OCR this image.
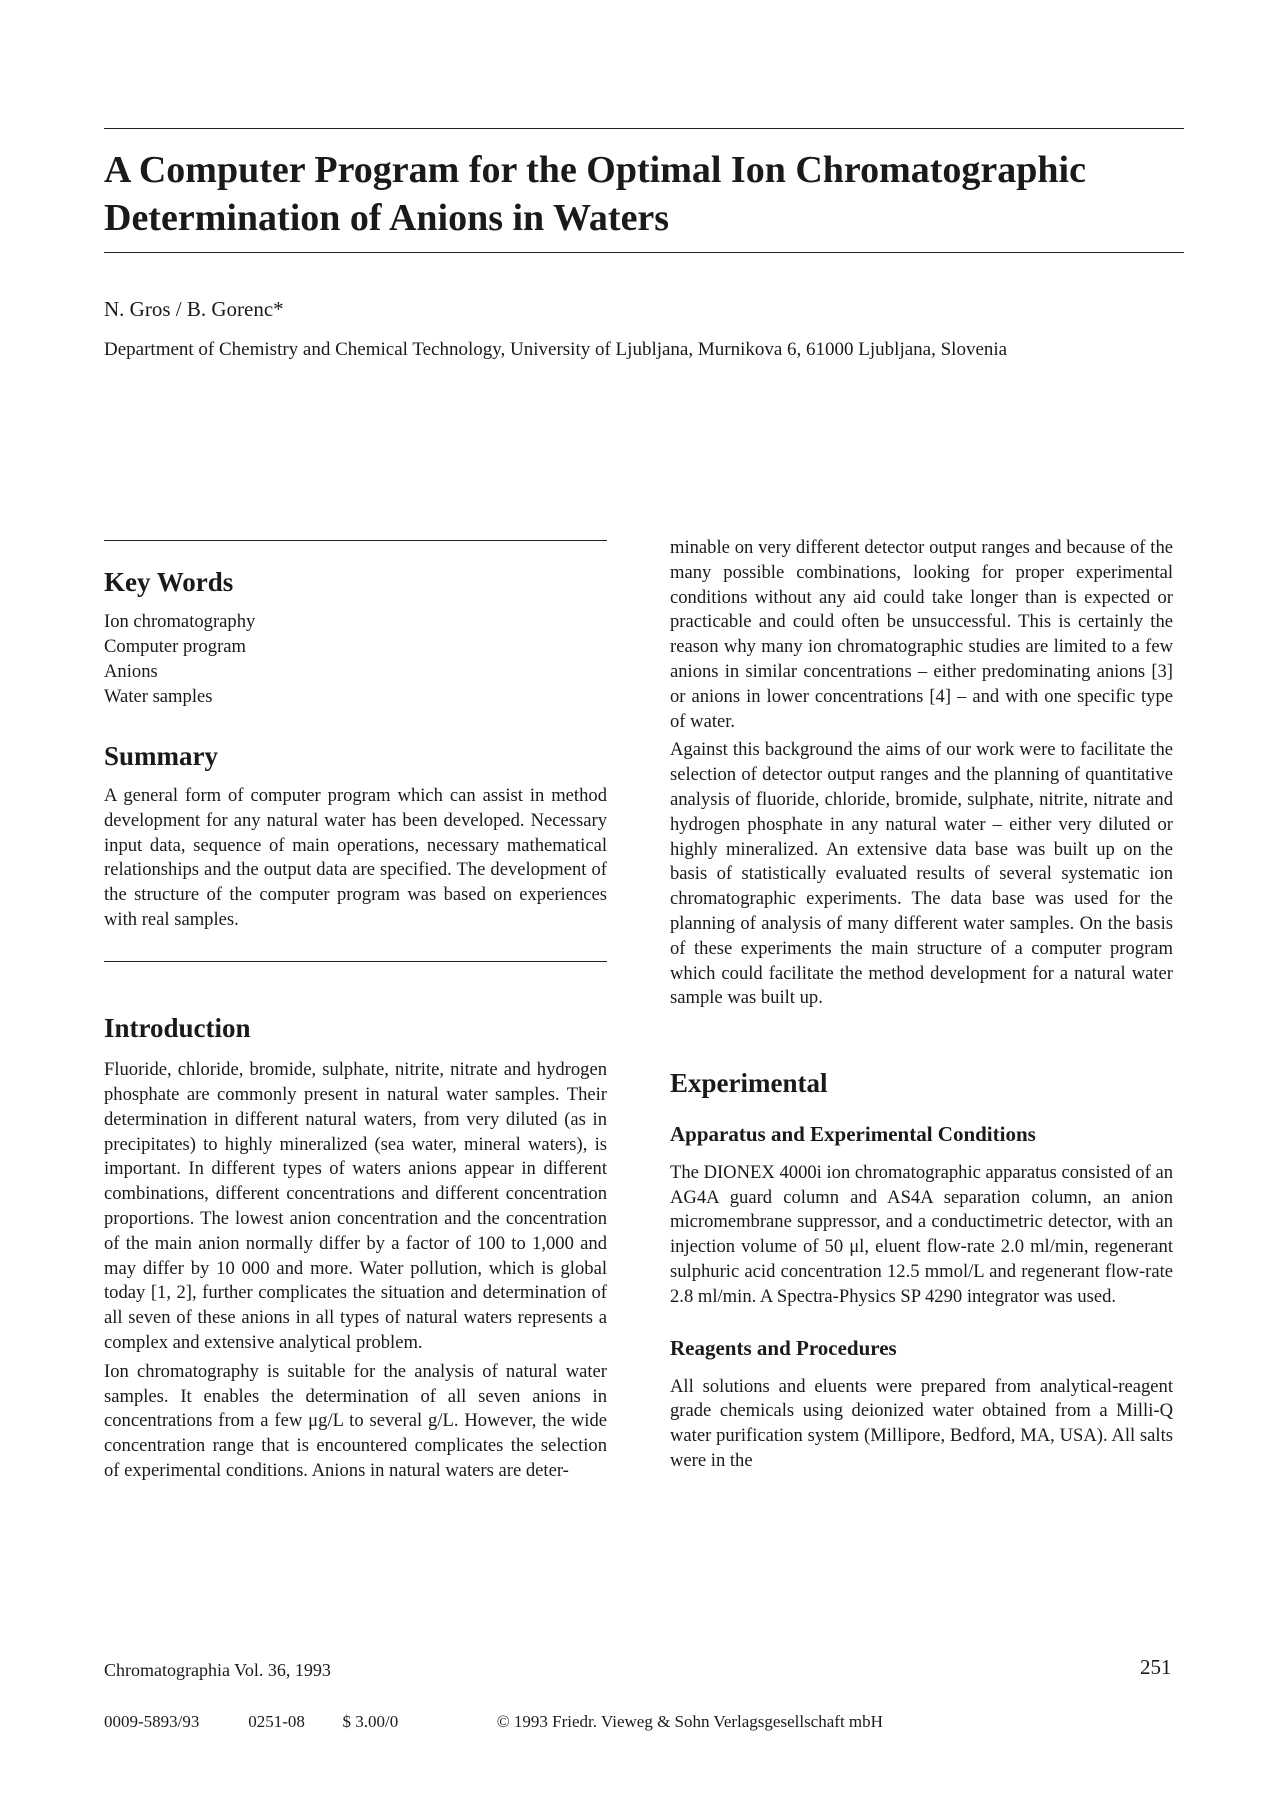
A Computer Program for the Optimal Ion Chromatographic Determination of Anions in Waters

N. Gros / B. Gorenc*

Department of Chemistry and Chemical Technology, University of Ljubljana, Murnikova 6, 61000 Ljubljana, Slovenia

Key Words
Ion chromatography
Computer program
Anions
Water samples
Summary

A general form of computer program which can assist in method development for any natural water has been developed. Necessary input data, sequence of main operations, necessary mathematical relationships and the output data are specified. The development of the structure of the computer program was based on experiences with real samples.

Introduction

Fluoride, chloride, bromide, sulphate, nitrite, nitrate and hydrogen phosphate are commonly present in natural water samples. Their determination in different natural waters, from very diluted (as in precipitates) to highly mineralized (sea water, mineral waters), is important. In different types of waters anions appear in different combinations, different concentrations and different concentration proportions. The lowest anion concentration and the concentration of the main anion normally differ by a factor of 100 to 1,000 and may differ by 10 000 and more. Water pollution, which is global today [1, 2], further complicates the situation and determination of all seven of these anions in all types of natural waters represents a complex and extensive analytical problem.

Ion chromatography is suitable for the analysis of natural water samples. It enables the determination of all seven anions in concentrations from a few μg/L to several g/L. However, the wide concentration range that is encountered complicates the selection of experimental conditions. Anions in natural waters are deter-

minable on very different detector output ranges and because of the many possible combinations, looking for proper experimental conditions without any aid could take longer than is expected or practicable and could often be unsuccessful. This is certainly the reason why many ion chromatographic studies are limited to a few anions in similar concentrations – either predominating anions [3] or anions in lower concentrations [4] – and with one specific type of water.

Against this background the aims of our work were to facilitate the selection of detector output ranges and the planning of quantitative analysis of fluoride, chloride, bromide, sulphate, nitrite, nitrate and hydrogen phosphate in any natural water – either very diluted or highly mineralized. An extensive data base was built up on the basis of statistically evaluated results of several systematic ion chromatographic experiments. The data base was used for the planning of analysis of many different water samples. On the basis of these experiments the main structure of a computer program which could facilitate the method development for a natural water sample was built up.

Experimental
Apparatus and Experimental Conditions

The DIONEX 4000i ion chromatographic apparatus consisted of an AG4A guard column and AS4A separation column, an anion micromembrane suppressor, and a conductimetric detector, with an injection volume of 50 μl, eluent flow-rate 2.0 ml/min, regenerant sulphuric acid concentration 12.5 mmol/L and regenerant flow-rate 2.8 ml/min. A Spectra-Physics SP 4290 integrator was used.

Reagents and Procedures

All solutions and eluents were prepared from analytical-reagent grade chemicals using deionized water obtained from a Milli-Q water purification system (Millipore, Bedford, MA, USA). All salts were in the

Chromatographia Vol. 36, 1993	251
0009-5893/93	0251-08 $ 3.00/0	© 1993 Friedr. Vieweg & Sohn Verlagsgesellschaft mbH
